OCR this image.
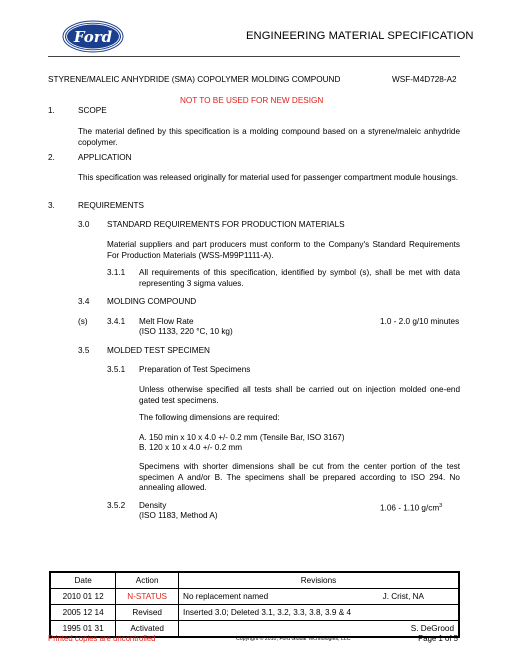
Ford	ENGINEERING MATERIAL SPECIFICATION
STYRENE/MALEIC ANHYDRIDE (SMA) COPOLYMER MOLDING COMPOUND	WSF-M4D728-A2
NOT TO BE USED FOR NEW DESIGN
1.	SCOPE
The material defined by this specification is a molding compound based on a styrene/maleic anhydride copolymer.
2.	APPLICATION
This specification was released originally for material used for passenger compartment module housings.
3.	REQUIREMENTS
3.0 STANDARD REQUIREMENTS FOR PRODUCTION MATERIALS
Material suppliers and part producers must conform to the Company's Standard Requirements For Production Materials (WSS-M99P1111-A).
3.1.1 All requirements of this specification, identified by symbol (s), shall be met with data representing 3 sigma values.
3.4 MOLDING COMPOUND
(s) 3.4.1 Melt Flow Rate
(ISO 1133, 220 °C, 10 kg)
1.0 - 2.0 g/10 minutes
3.5 MOLDED TEST SPECIMEN
3.5.1 Preparation of Test Specimens
Unless otherwise specified all tests shall be carried out on injection molded one-end gated test specimens.
The following dimensions are required:
A. 150 min x 10 x 4.0 +/- 0.2 mm (Tensile Bar, ISO 3167)
B. 120 x 10 x 4.0 +/- 0.2 mm
Specimens with shorter dimensions shall be cut from the center portion of the test specimen A and/or B. The specimens shall be prepared according to ISO 294. No annealing allowed.
3.5.2 Density
(ISO 1183, Method A)
1.06 - 1.10 $g/cm^3$
Date	Action	Revisions
2010 01 12	N-STATUS	No replacement named J. Crist, NA

2005 12 14	Revised	Inserted 3.0; Deleted 3.1, 3.2, 3.3, 3.8, 3.9 & 4

1995 01 31	Activated	S. DeGrood
Printed copies are uncontrolled	Copyright © 2010, Ford Global Technologies, LLC	Page 1 of 5
